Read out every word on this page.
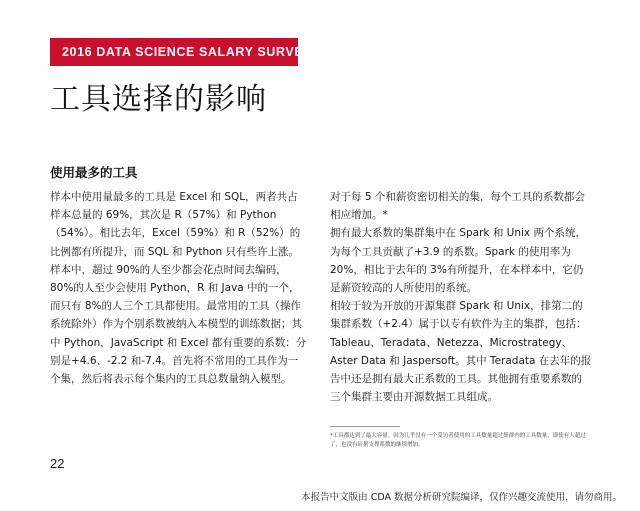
2016 DATA SCIENCE SALARY SURVEY
工具选择的影响
使用最多的工具

样本中使用量最多的工具是 Excel 和 SQL，两者共占样本总量的 69%，其次是 R（57%）和 Python（54%）。相比去年，Excel（59%）和 R（52%）的比例都有所提升，而 SQL 和 Python 只有些许上涨。

样本中，超过 90%的人至少都会花点时间去编码，80%的人至少会使用 Python，R 和 Java 中的一个，而只有 8%的人三个工具都使用。最常用的工具（操作系统除外）作为个别系数被纳入本模型的训练数据；其中 Python，JavaScript 和 Excel 都有重要的系数：分别是+4.6、-2.2 和-7.4。首先将不常用的工具作为一个集，然后将表示每个集内的工具总数量纳入模型。

对于每 5 个和薪资密切相关的集，每个工具的系数都会相应增加。*

拥有最大系数的集群集中在 Spark 和 Unix 两个系统，为每个工具贡献了+3.9 的系数。Spark 的使用率为 20%，相比于去年的 3%有所提升，在本样本中，它仍是薪资较高的人所使用的系统。

相较于较为开放的开源集群 Spark 和 Unix，排第二的集群系数（+2.4）属于以专有软件为主的集群，包括：Tableau、Teradata、Netezza、Microstrategy、Aster Data 和 Jaspersoft。其中 Teradata 在去年的报告中还是拥有最大正系数的工具。其他拥有重要系数的三个集群主要由开源数据工具组成。

*工具都达到了最大容量。因为几乎没有一个受访者使用的工具数量超过集群内的工具数量，即使有人超过了，也没有证据支撑系数的继续增加。
22
本报告中文版由 CDA 数据分析研究院编译，仅作兴趣交流使用，请勿商用。
